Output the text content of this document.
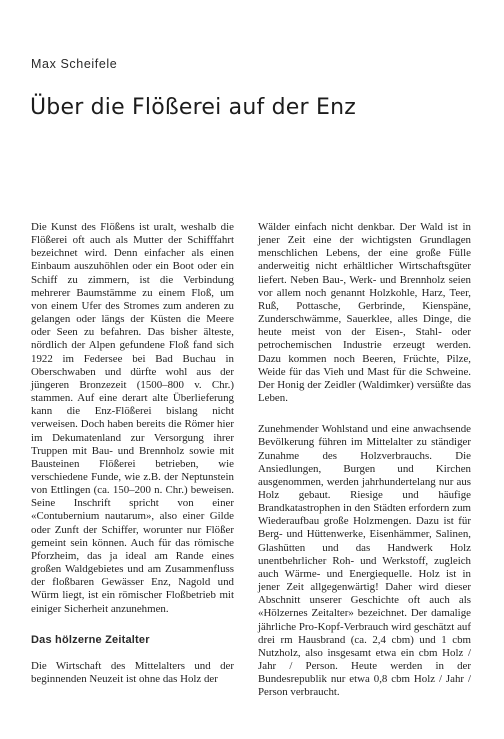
Max Scheifele
Über die Flößerei auf der Enz

Die Kunst des Flößens ist uralt, weshalb die Flößerei oft auch als Mutter der Schifffahrt bezeichnet wird. Denn einfacher als einen Einbaum auszuhöhlen oder ein Boot oder ein Schiff zu zimmern, ist die Verbindung mehrerer Baumstämme zu einem Floß, um von einem Ufer des Stromes zum anderen zu gelangen oder längs der Küsten die Meere oder Seen zu befahren. Das bisher älteste, nördlich der Alpen gefundene Floß fand sich 1922 im Federsee bei Bad Buchau in Oberschwaben und dürfte wohl aus der jüngeren Bronzezeit (1500–800 v. Chr.) stammen. Auf eine derart alte Überlieferung kann die Enz-Flößerei bislang nicht verweisen. Doch haben bereits die Römer hier im Dekumatenland zur Versorgung ihrer Truppen mit Bau- und Brennholz sowie mit Bausteinen Flößerei betrieben, wie verschiedene Funde, wie z.B. der Neptunstein von Ettlingen (ca. 150–200 n. Chr.) beweisen. Seine Inschrift spricht von einer «Contubernium nautarum», also einer Gilde oder Zunft der Schiffer, worunter nur Flößer gemeint sein können. Auch für das römische Pforzheim, das ja ideal am Rande eines großen Waldgebietes und am Zusammenfluss der floßbaren Gewässer Enz, Nagold und Würm liegt, ist ein römischer Floßbetrieb mit einiger Sicherheit anzunehmen.

Das hölzerne Zeitalter

Die Wirtschaft des Mittelalters und der beginnenden Neuzeit ist ohne das Holz der

Wälder einfach nicht denkbar. Der Wald ist in jener Zeit eine der wichtigsten Grundlagen menschlichen Lebens, der eine große Fülle anderweitig nicht erhältlicher Wirtschaftsgüter liefert. Neben Bau-, Werk- und Brennholz seien vor allem noch genannt Holzkohle, Harz, Teer, Ruß, Pottasche, Gerbrinde, Kienspäne, Zunderschwämme, Sauerklee, alles Dinge, die heute meist von der Eisen-, Stahl- oder petrochemischen Industrie erzeugt werden. Dazu kommen noch Beeren, Früchte, Pilze, Weide für das Vieh und Mast für die Schweine. Der Honig der Zeidler (Waldimker) versüßte das Leben.

Zunehmender Wohlstand und eine anwachsende Bevölkerung führen im Mittelalter zu ständiger Zunahme des Holzverbrauchs. Die Ansiedlungen, Burgen und Kirchen ausgenommen, werden jahrhundertelang nur aus Holz gebaut. Riesige und häufige Brandkatastrophen in den Städten erfordern zum Wiederaufbau große Holzmengen. Dazu ist für Berg- und Hüttenwerke, Eisenhämmer, Salinen, Glashütten und das Handwerk Holz unentbehrlicher Roh- und Werkstoff, zugleich auch Wärme- und Energiequelle. Holz ist in jener Zeit allgegenwärtig! Daher wird dieser Abschnitt unserer Geschichte oft auch als «Hölzernes Zeitalter» bezeichnet. Der damalige jährliche Pro-Kopf-Verbrauch wird geschätzt auf drei rm Hausbrand (ca. 2,4 cbm) und 1 cbm Nutzholz, also insgesamt etwa ein cbm Holz / Jahr / Person. Heute werden in der Bundesrepublik nur etwa 0,8 cbm Holz / Jahr / Person verbraucht.
